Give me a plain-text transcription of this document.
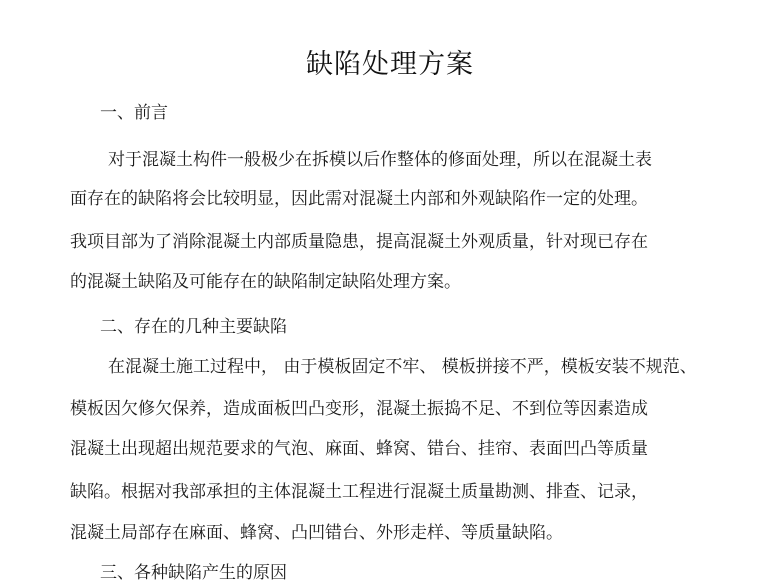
缺陷处理方案
一、前言
对于混凝土构件一般极少在拆模以后作整体的修面处理，所以在混凝土表
面存在的缺陷将会比较明显，因此需对混凝土内部和外观缺陷作一定的处理。
我项目部为了消除混凝土内部质量隐患，提高混凝土外观质量，针对现已存在
的混凝土缺陷及可能存在的缺陷制定缺陷处理方案。
二、存在的几种主要缺陷
在混凝土施工过程中， 由于模板固定不牢、 模板拼接不严，模板安装不规范、
模板因欠修欠保养，造成面板凹凸变形，混凝土振捣不足、不到位等因素造成
混凝土出现超出规范要求的气泡、麻面、蜂窝、错台、挂帘、表面凹凸等质量
缺陷。根据对我部承担的主体混凝土工程进行混凝土质量勘测、排查、记录，
混凝土局部存在麻面、蜂窝、凸凹错台、外形走样、等质量缺陷。
三、各种缺陷产生的原因
